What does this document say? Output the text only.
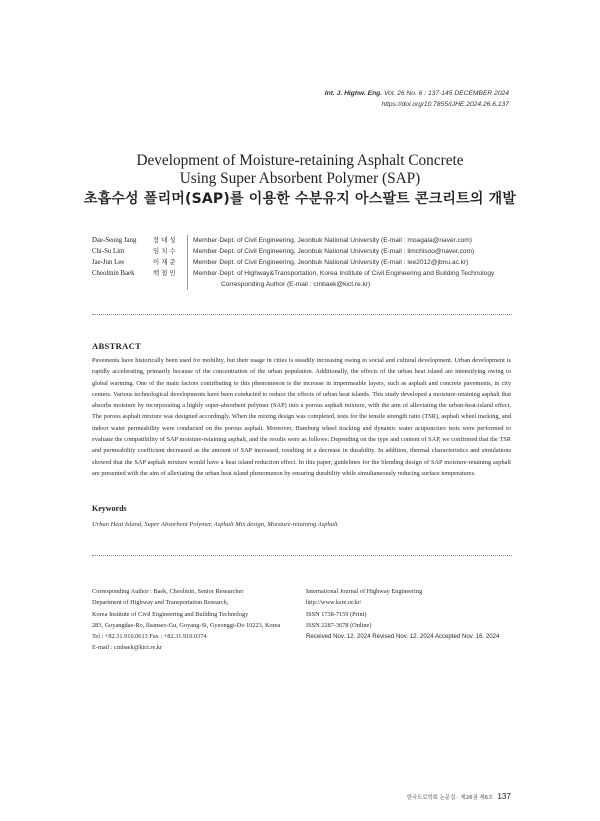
Int. J. Highw. Eng. Vol. 26 No. 6 : 137-145 DECEMBER 2024
https://doi.org/10.7855/IJHE.2024.26.6.137
Development of Moisture-retaining Asphalt Concrete
Using Super Absorbent Polymer (SAP)
초흡수성 폴리머(SAP)를 이용한 수분유지 아스팔트 콘크리트의 개발
Dae-Seong Jang	장 대 성	Member·Dept. of Civil Engineering, Jeonbuk National University (E-mail : moagala@naver.com)
Chi-Su Lim	임 치 수	Member·Dept. of Civil Engineering, Jeonbuk National University (E-mail : limchisoo@naver.com)
Jae-Jun Lee	이 재 준	Member·Dept. of Civil Engineering, Jeonbuk National University (E-mail : lee2012@jbnu.ac.kr)
Cheolmin Baek	백 철 민	Member·Dept. of Highway&Transportation, Korea Institute of Civil Engineering and Building Technology
Corresponding Author (E-mail : cmbaek@kict.re.kr)
ABSTRACT
Pavements have historically been used for mobility, but their usage in cities is steadily increasing owing to social and cultural development. Urban development is rapidly accelerating, primarily because of the concentration of the urban population. Additionally, the effects of the urban heat island are intensifying owing to global warming. One of the main factors contributing to this phenomenon is the increase in impermeable layers, such as asphalt and concrete pavements, in city centers. Various technological developments have been conducted to reduce the effects of urban heat islands. This study developed a moisture-retaining asphalt that absorbs moisture by incorporating a highly super-absorbent polymer (SAP) into a porous asphalt mixture, with the aim of alleviating the urban-heat-island effect. The porous asphalt mixture was designed accordingly. When the mixing design was completed, tests for the tensile strength ratio (TSR), asphalt wheel tracking, and indoor water permeability were conducted on the porous asphalt. Moreover, Hamburg wheel tracking and dynamic water acupuncture tests were performed to evaluate the compatibility of SAP moisture-retaining asphalt, and the results were as follows: Depending on the type and content of SAP, we confirmed that the TSR and permeability coefficient decreased as the amount of SAP increased, resulting in a decrease in durability. In addition, thermal characteristics and simulations showed that the SAP asphalt mixture would have a heat island reduction effect. In this paper, guidelines for the blending design of SAP moisture-retaining asphalt are presented with the aim of alleviating the urban heat island phenomenon by ensuring durability while simultaneously reducing surface temperatures.
Keywords
Urban Heat Island, Super Absorbent Polymer, Asphalt Mix design, Moisture-retaining Asphalt
Corresponding Author : Baek, Cheolmin, Senior Researcher
Department of Highway and Transportation Research,
Korea Institute of Civil Engineering and Building Technology
283, Goyangdae-Ro, Ilsanseo-Gu, Goyang-Si, Gyeonggi-Do 10223, Korea
Tel : +82.31.910.0613 Fax : +82.31.910.0374
E-mail : cmbaek@kict.re.kr
International Journal of Highway Engineering
http://www.ksre.or.kr/
ISSN 1738-7159 (Print)
ISSN 2287-3678 (Online)
Received Nov. 12. 2024 Revised Nov. 12. 2024 Accepted Nov. 16. 2024
한국도로학회 논문집 · 제26권 제6호 137
